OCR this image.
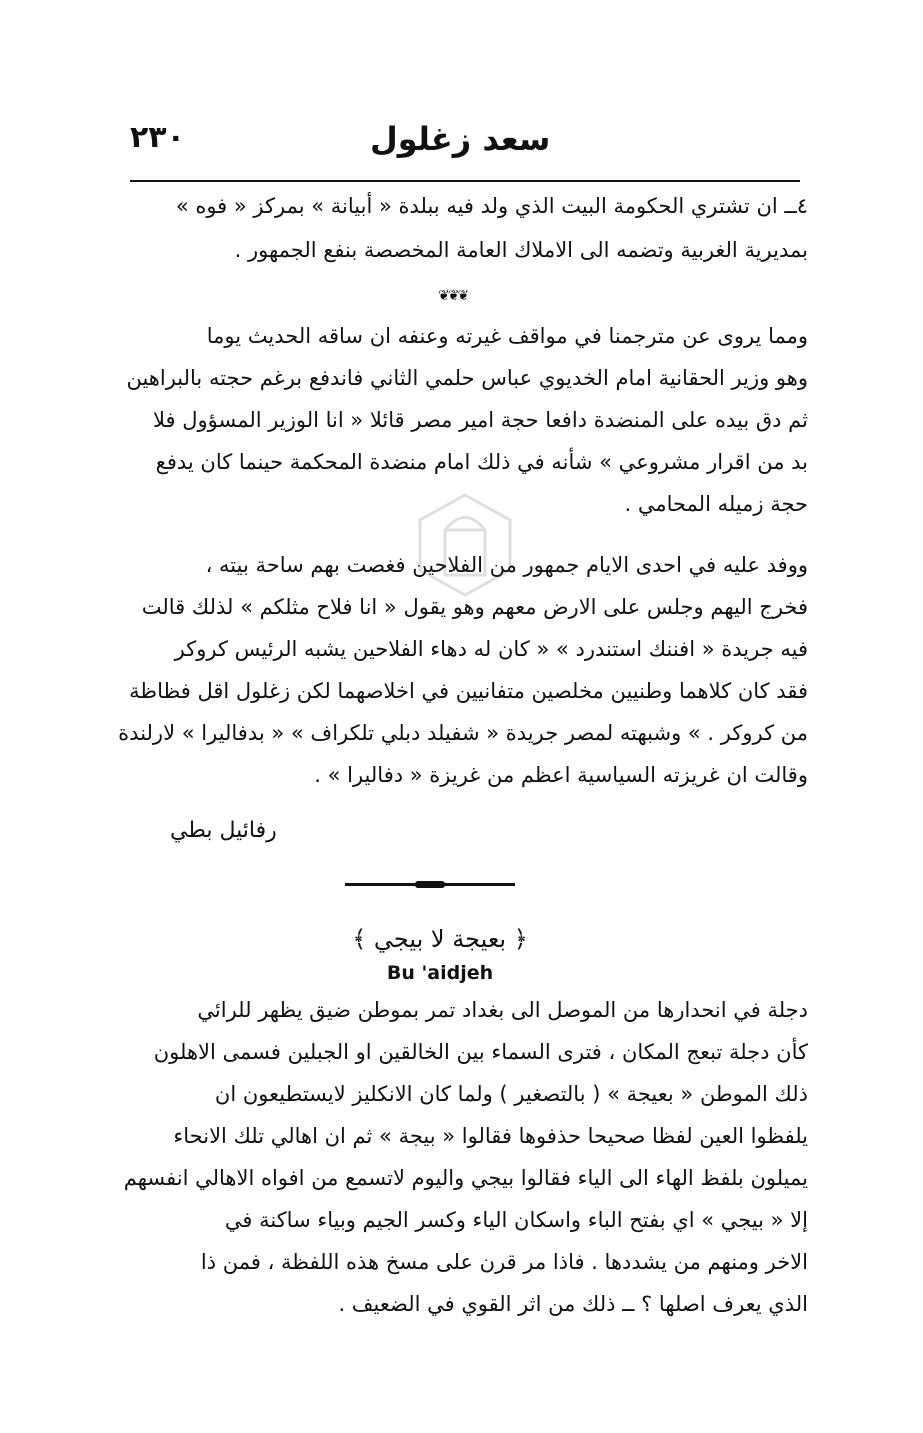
٢٣٠	سعد زغلول
٤ــ ان تشتري الحكومة البيت الذي ولد فيه ببلدة « أبيانة » بمركز « فوه »
بمديرية الغربية وتضمه الى الاملاك العامة المخصصة بنفع الجمهور .
❦❦❦
ومما يروى عن مترجمنا في مواقف غيرته وعنفه ان ساقه الحديث يوما
وهو وزير الحقانية امام الخديوي عباس حلمي الثاني فاندفع برغم حجته بالبراهين
ثم دق بيده على المنضدة دافعا حجة امير مصر قائلا « انا الوزير المسؤول فلا
بد من اقرار مشروعي » شأنه في ذلك امام منضدة المحكمة حينما كان يدفع
حجة زميله المحامي .
ووفد عليه في احدى الايام جمهور من الفلاحين فغصت بهم ساحة بيته ،
فخرج اليهم وجلس على الارض معهم وهو يقول « انا فلاح مثلكم » لذلك قالت
فيه جريدة « افننك استندرد » « كان له دهاء الفلاحين يشبه الرئيس كروكر
فقد كان كلاهما وطنيين مخلصين متفانيين في اخلاصهما لكن زغلول اقل فظاظة
من كروكر . » وشبهته لمصر جريدة « شفيلد دبلي تلكراف » « بدفاليرا » لارلندة
وقالت ان غريزته السياسية اعظم من غريزة « دفاليرا » .
رفائيل بطي
﴿ بعيجة لا بيجي ﴾
Bu 'aidjeh
دجلة في انحدارها من الموصل الى بغداد تمر بموطن ضيق يظهر للرائي
كأن دجلة تبعج المكان ، فترى السماء بين الخالقين او الجبلين فسمى الاهلون
ذلك الموطن « بعيجة » ( بالتصغير ) ولما كان الانكليز لايستطيعون ان
يلفظوا العين لفظا صحيحا حذفوها فقالوا « بيجة » ثم ان اهالي تلك الانحاء
يميلون بلفظ الهاء الى الياء فقالوا بيجي واليوم لاتسمع من افواه الاهالي انفسهم
إلا « بيجي » اي بفتح الباء واسكان الياء وكسر الجيم وبياء ساكنة في
الاخر ومنهم من يشددها . فاذا مر قرن على مسخ هذه اللفظة ، فمن ذا
الذي يعرف اصلها ؟ ــ ذلك من اثر القوي في الضعيف .
